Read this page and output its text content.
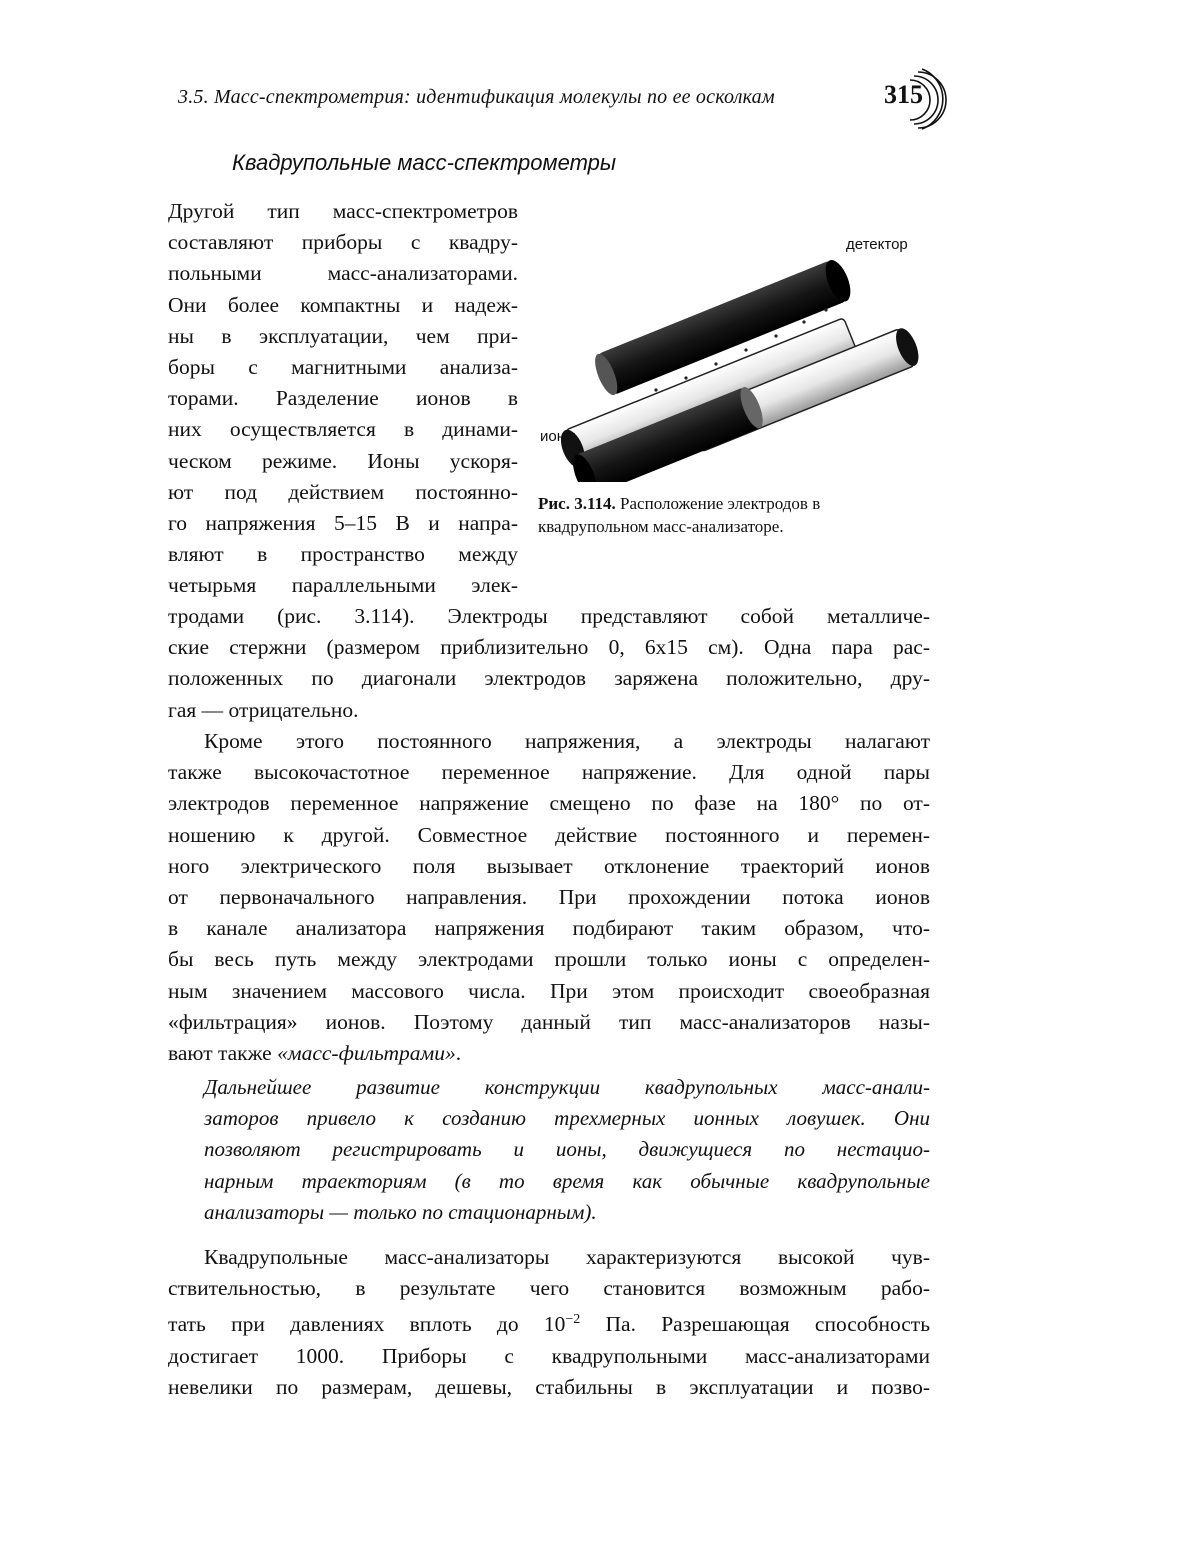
3.5. Масс-спектрометрия: идентификация молекулы по ее осколкам	315
Квадрупольные масс-спектрометры
Другой тип масс-спектрометров
составляют приборы с квадру-
польными масс-анализаторами.
Они более компактны и надеж-
ны в эксплуатации, чем при-
боры с магнитными анализа-
торами. Разделение ионов в
них осуществляется в динами-
ческом режиме. Ионы ускоря-
ют под действием постоянно-
го напряжения 5–15 В и напра-
вляют в пространство между
четырьмя параллельными элек-
детектор
ионы
Рис. 3.114. Расположение электродов в
квадрупольном масс-анализаторе.
тродами (рис. 3.114). Электроды представляют собой металличе-
ские стержни (размером приблизительно 0, 6х15 см). Одна пара рас-
положенных по диагонали электродов заряжена положительно, дру-
гая — отрицательно.
Кроме этого постоянного напряжения, а электроды налагают
также высокочастотное переменное напряжение. Для одной пары
электродов переменное напряжение смещено по фазе на 180° по от-
ношению к другой. Совместное действие постоянного и перемен-
ного электрического поля вызывает отклонение траекторий ионов
от первоначального направления. При прохождении потока ионов
в канале анализатора напряжения подбирают таким образом, что-
бы весь путь между электродами прошли только ионы с определен-
ным значением массового числа. При этом происходит своеобразная
«фильтрация» ионов. Поэтому данный тип масс-анализаторов назы-
вают также «масс-фильтрами».
Дальнейшее развитие конструкции квадрупольных масс-анали-
заторов привело к созданию трехмерных ионных ловушек. Они
позволяют регистрировать и ионы, движущиеся по нестацио-
нарным траекториям (в то время как обычные квадрупольные
анализаторы — только по стационарным).
Квадрупольные масс-анализаторы характеризуются высокой чув-
ствительностью, в результате чего становится возможным рабо-
тать при давлениях вплоть до $10^{-2}$ Па. Разрешающая способность
достигает 1000. Приборы с квадрупольными масс-анализаторами
невелики по размерам, дешевы, стабильны в эксплуатации и позво-
